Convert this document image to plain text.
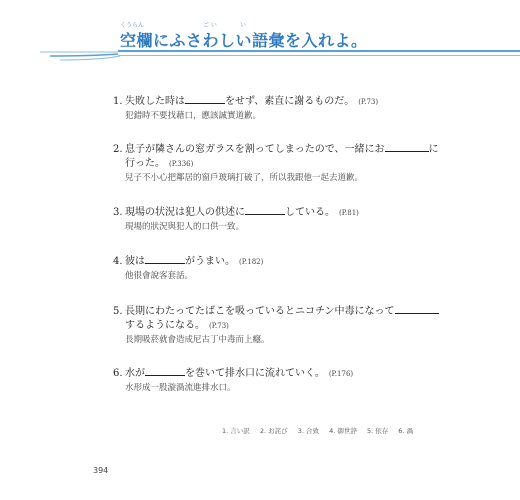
くうらん	ご い	い
空欄にふさわしい語彙を入れよ。
1. 失敗した時は	をせず、素直に謝るものだ。 (P.73)
犯錯時不要找藉口，應該誠實道歉。
2. 息子が隣さんの窓ガラスを割ってしまったので、一緒にお	に
行った。 (P.336)
兒子不小心把鄰居的窗戶玻璃打破了，所以我跟他一起去道歉。
3. 現場の状況は犯人の供述に	している。 (P.81)
現場的狀況與犯人的口供一致。
4. 彼は	がうまい。 (P.182)
他很會說客套話。
5. 長期にわたってたばこを吸っているとニコチン中毒になって
するようになる。 (P.73)
長期吸菸就會造成尼古丁中毒而上癮。
6. 水が	を巻いて排水口に流れていく。 (P.176)
水形成一股漩渦流進排水口。
1. 言い訳 2. お詫び 3. 合致 4. 御世辞 5. 依存 6. 渦
394
